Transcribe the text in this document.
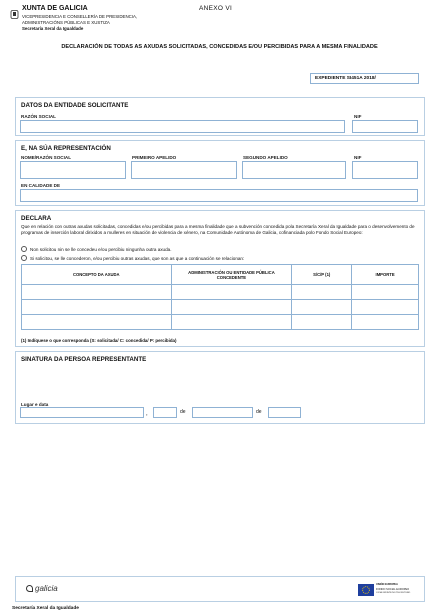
XUNTA DE GALICIA
VICEPRESIDENCIA E CONSELLERÍA DE PRESIDENCIA,
ADMINISTRACIÓNS PÚBLICAS E XUSTIZA
Secretaría Xeral da Igualdade
ANEXO VI
DECLARACIÓN DE TODAS AS AXUDAS SOLICITADAS, CONCEDIDAS E/OU PERCIBIDAS PARA A MESMA FINALIDADE
EXPEDIENTE SI451A 2018/
DATOS DA ENTIDADE SOLICITANTE
RAZÓN SOCIAL	NIF
E, NA SÚA REPRESENTACIÓN
NOME/RAZÓN SOCIAL	PRIMEIRO APELIDO	SEGUNDO APELIDO	NIF
EN CALIDADE DE
DECLARA
Que en relación con outras axudas solicitadas, concedidas e/ou percibidas para a mesma finalidade que a subvención concedida pola Secretaría Xeral da Igualdade para o desenvolvemento de programas de inserción laboral dirixidos a mulleres en situación de violencia de xénero, na Comunidade Autónoma de Galicia, cofinanciada polo Fondo Social Europeo:
Non solicitou nin se lle concedeu e/ou percibiu ningunha outra axuda.
Si solicitou, se lle concederon, e/ou percibiu outras axudas, que son as que a continuación se relacionan:
CONCEPTO DA AXUDA	ADMINISTRACIÓN OU ENTIDADE PÚBLICA CONCEDENTE	S/C/P (1)	IMPORTE

(1) Indíquese o que corresponda (S: solicitada/ C: concedida/ P: percibida)
SINATURA DA PERSOA REPRESENTANTE
Lugar e data
,	de	de
galicia	UNIÓN EUROPEA
FONDO SOCIAL EUROPEO
O FSE INVISTE NO TEU FUTURO
Secretaría Xeral da Igualdade
